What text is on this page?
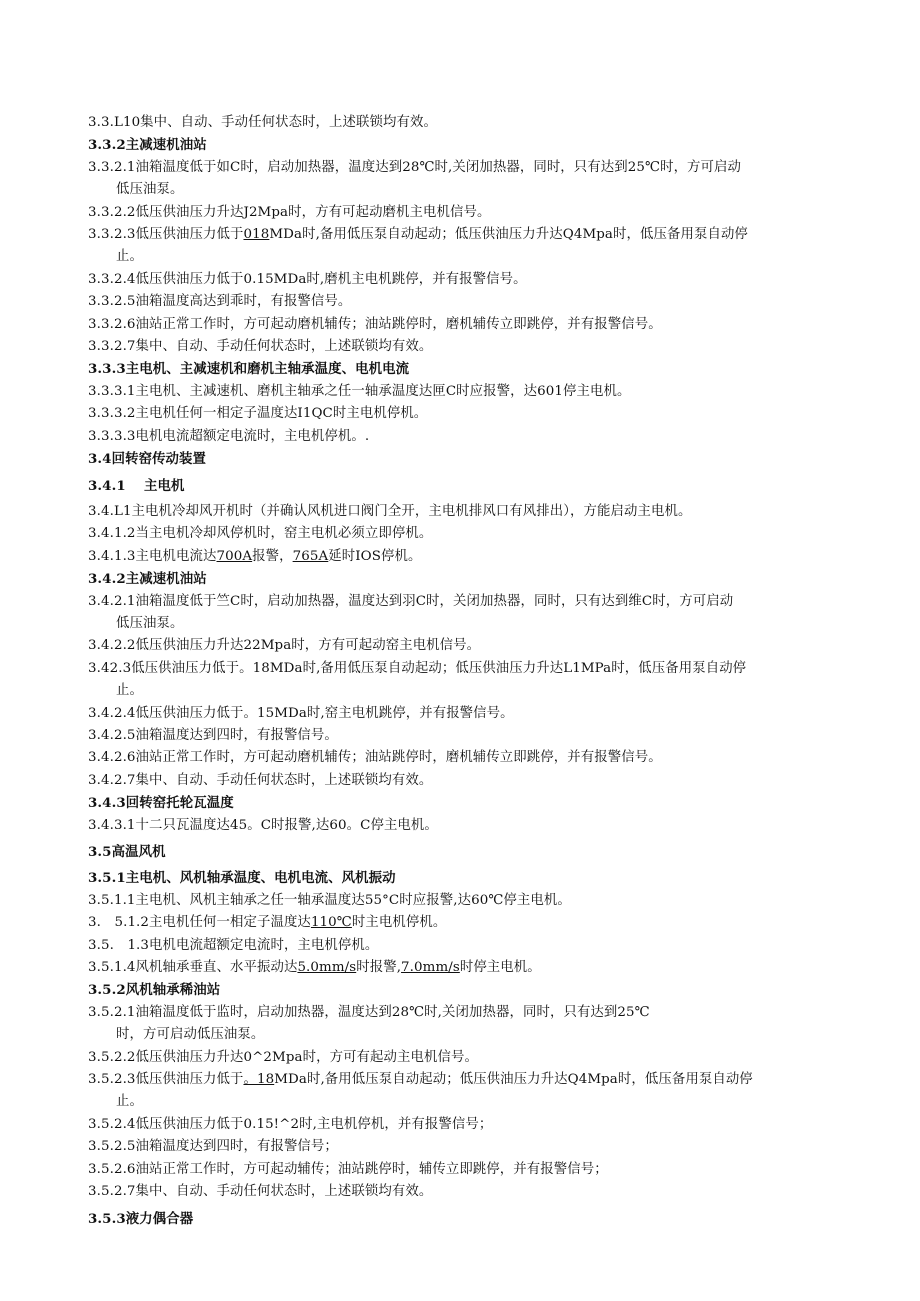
3.3.L10集中、自动、手动任何状态时，上述联锁均有效。
3.3.2主减速机油站
3.3.2.1油箱温度低于如C时，启动加热器，温度达到28℃时,关闭加热器，同时，只有达到25℃时，方可启动
低压油泵。
3.3.2.2低压供油压力升达J2Mpa时，方有可起动磨机主电机信号。
3.3.2.3低压供油压力低于018MDa时,备用低压泵自动起动；低压供油压力升达Q4Mpa时，低压备用泵自动停
止。
3.3.2.4低压供油压力低于0.15MDa时,磨机主电机跳停，并有报警信号。
3.3.2.5油箱温度高达到乖时，有报警信号。
3.3.2.6油站正常工作时，方可起动磨机辅传；油站跳停时，磨机辅传立即跳停，并有报警信号。
3.3.2.7集中、自动、手动任何状态时，上述联锁均有效。
3.3.3主电机、主减速机和磨机主轴承温度、电机电流
3.3.3.1主电机、主减速机、磨机主轴承之任一轴承温度达匣C时应报警，达601停主电机。
3.3.3.2主电机任何一相定子温度达I1QC时主电机停机。
3.3.3.3电机电流超额定电流时，主电机停机。.
3.4回转窑传动装置
3.4.1　 主电机
3.4.L1主电机冷却风开机时（并确认风机进口阀门全开，主电机排风口有风排出），方能启动主电机。
3.4.1.2当主电机冷却风停机时，窑主电机必须立即停机。
3.4.1.3主电机电流达700A报警，765A延时IOS停机。
3.4.2主减速机油站
3.4.2.1油箱温度低于竺C时，启动加热器，温度达到羽C时，关闭加热器，同时，只有达到维C时，方可启动
低压油泵。
3.4.2.2低压供油压力升达22Mpa时，方有可起动窑主电机信号。
3.42.3低压供油压力低于。18MDa时,备用低压泵自动起动；低压供油压力升达L1MPa时，低压备用泵自动停
止。
3.4.2.4低压供油压力低于。15MDa时,窑主电机跳停，并有报警信号。
3.4.2.5油箱温度达到四时，有报警信号。
3.4.2.6油站正常工作时，方可起动磨机辅传；油站跳停时，磨机辅传立即跳停，并有报警信号。
3.4.2.7集中、自动、手动任何状态时，上述联锁均有效。
3.4.3回转窑托轮瓦温度
3.4.3.1十二只瓦温度达45。C时报警,达60。C停主电机。
3.5高温风机
3.5.1主电机、风机轴承温度、电机电流、风机振动
3.5.1.1主电机、风机主轴承之任一轴承温度达55°C时应报警,达60℃停主电机。
3.　5.1.2主电机任何一相定子温度达110℃时主电机停机。
3.5.　1.3电机电流超额定电流时，主电机停机。
3.5.1.4风机轴承垂直、水平振动达5.0mm/s时报警,7.0mm/s时停主电机。
3.5.2风机轴承稀油站
3.5.2.1油箱温度低于监时，启动加热器，温度达到28℃时,关闭加热器，同时，只有达到25℃
时，方可启动低压油泵。
3.5.2.2低压供油压力升达0^2Mpa时，方可有起动主电机信号。
3.5.2.3低压供油压力低于。18MDa时,备用低压泵自动起动；低压供油压力升达Q4Mpa时，低压备用泵自动停
止。
3.5.2.4低压供油压力低于0.15!^2时,主电机停机，并有报警信号；
3.5.2.5油箱温度达到四时，有报警信号；
3.5.2.6油站正常工作时，方可起动辅传；油站跳停时，辅传立即跳停，并有报警信号；
3.5.2.7集中、自动、手动任何状态时，上述联锁均有效。
3.5.3液力偶合器
